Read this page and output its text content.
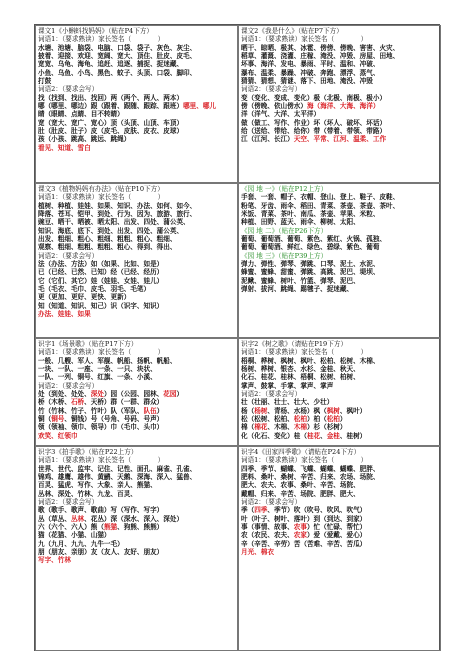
课文1《小蝌蚪找妈妈》（贴在P4下方）
词语1：（要求熟读）家长签名（　　　　）
水塘、池塘、脑袋、电脑、口袋、袋子、灰色、灰尘、
披着、迎接、欢迎、宽阔、宽大、顶住、肚皮、皮毛、
宽宽、乌龟、海龟、追赶、追逐、捕捉、捉迷藏、
小鱼、乌鱼、小鸟、黑色、蚊子、头顶、口袋、脚印、
打鼓
词语2：（要求会写）
找（找到、找出、找回）两（两个、两人、两本）
哪（哪里、哪边）跟（跟着、跟随、跟踪、跟班）哪里、哪儿
睛（眼睛、点睛、目不转睛）
宽（宽大、宽广、宽心）顶（头顶、山顶、车顶）
肚（肚皮、肚子）皮（皮毛、皮肤、皮衣、皮球）
孩（小孩、跳高、跳远、跳绳）
看见、知道、雪白
课文2《我是什么》（贴在P7下方）
词语1：（要求熟读）家长签名（　　　　）
晒干、晾晒、极其、冰雹、傍傍、傍晚、害害、火灾、
稻草、灌溉、浇灌、庄稼、淹没、冲毁、房屋、田地、
坏事、海洋、发电、暴雨、平时、温和、冲破、
瀑布、温柔、暴躁、冲破、奔跑、漂浮、蒸气、
猜猜、猜想、猜谜、落下、田地、淹没、冲毁
词语2：（要求会写）
变（变化、变成、变化）极（北极、南极、极小）
傍（傍晚、依山傍水）海（海洋、大海、海洋）
洋（洋气、大洋、太平洋）
做（做工、写作、作业）坏（坏人、破坏、坏话）
给（送给、带给、给你）带（带着、带领、带路）
江（江河、长江）天空、平常、江河、温柔、工作
课文3《植物妈妈有办法》（贴在P10下方）
词语1：（要求熟读）家长签名（　　　　）
植树、种植、娃娃、如果、知识、办法、如何、如今、
降落、苍耳、铠甲、到处、行为、因为、旅游、旅行、
豌豆、晒干、晒被、晒太阳、出发、四处、蒲公英、
知识、海底、底下、到处、出发、四处、蒲公英、
出发、粗细、粗心、粗细、粗粗、粗心、粗细、
观察、粗细、粗粗、粗粗、粗心、得到、得出、
词语2：（要求会写）
法（办法、方法）如（如果、比如、如是）
已（已经、已然、已知）经（已经、经历）
它（它们、其它）娃（娃娃、女娃、娃儿）
毛（毛衣、毛巾、皮毛、羽毛、毛笔）
更（更加、更好、更快、更新）
知（知道、知识、知己）识（识字、知识）
办法、娃娃、如果
《园 地 一》（贴在P12上方）
手套、一套、帽子、衣帽、登山、登上、鞋子、皮鞋、
粉笔、牙齿、雨伞、稻田、青菜、茶壶、茶壶、茶叶、
米饭、青菜、茶叶、南瓜、茶壶、苹果、米粒、
种植、田野、蓝天、雨伞、柳树、太阳、
《园 地 二》（贴在P26下方）
葡萄、葡萄酒、葡萄、紫色、紫红、火锅、孤独、
葡萄、葡萄酒、鲜红、绿色、碧绿、紫色、葡萄
《园 地 三》（贴在P39上方）
弹力、弹性、弹琴、弹跳、口琴、泥土、水泥、
蜂蜜、蜜蜂、甜蜜、弹跳、高跳、泥巴、堤坝、
泥鳅、蜜蜂、树叶、竹篮、弹琴、泥巴、
弹射、拔河、跳绳、踢毽子、捉迷藏、
识字1《场景歌》（贴在P17下方）
词语1：（要求熟读）家长签名（　　　　）
一般、几艘、军人、军舰、帆船、扬帆、帆船、
一块、一队、一座、一条、一只、块状、
一队、一列、铜号、红旗、一条、小溪、
词语2：（要求会写）
处（到处、处处、深处）园（公园、园林、花园）
桥（木桥、石桥、天桥）群（一群、群众）
竹（竹林、竹子、竹叶）队（军队、队伍）
铜（铜号、铜钱）号（号角、号码、号声）
领（领袖、领巾、领导）巾（毛巾、头巾）
欢笑、红领巾
识字2《树之歌》（请贴在P19下方）
词语1：（要求熟读）家长签名（　　　　）
梧桐、桦树、枫树、枫叶、松柏、松树、木棉、
杨树、桦树、银杏、水杉、金桂、秋天、
化石、桂花、桂林、梧桐、松树、柏树、
掌声、鼓掌、手掌、掌声、掌声
词语2：（要求会写）
壮（壮丽、壮士、壮大、少壮）
杨（杨树、青杨、水杨）枫（枫树、枫叶）
松（松树、松柏、松柏）柏（松柏）
棉（棉花、木棉、木棉）杉（杉树）
化（化石、变化）桂（桂花、金桂、桂树）
识字3《拍手歌》（贴在P22上方）
词语1：（要求熟读）家长签名（　　　　）
世界、世代、监牢、记住、记性、面孔、麻雀、孔雀、
锦鸡、雄鹰、雄伟、黄鹂、天鹅、深海、深入、猛兽、
百灵、猛虎、写作、大象、亲人、熊猫、
丛林、深处、竹林、九龙、百灵、
词语2：（要求会写）
歌（歌手、歌声、歌曲）写（写作、写字）
丛（草丛、丛林、花丛）深（深水、深入、深处）
六（六个、六人）熊（熊猫、狗熊、熊熊）
猫（花猫、小猫、山猫）
九（九月、九九、九牛一毛）
朋（朋友、亲朋）友（友人、友好、朋友）
写字、竹林
识字4《田家四季歌》（请贴在P24下方）
词语1：（要求熟读）家长签名（　　　　）
四季、季节、蝴蝶、飞蝶、蝴蝶、蝴蝶、肥胖、
肥料、桑叶、桑树、辛苦、归来、农场、场院、
肥大、农夫、农事、桑叶、辛苦、场院、
戴帽、归来、辛苦、场院、肥胖、肥大、
词语2：（要求会写）
季（四季、季节）吹（吹号、吹风、吹气）
叶（叶子、树叶、落叶）到（到达、到家）
事（事情、故事、农事）忙（忙碌、帮忙）
农（农民、农夫、农家）爱（爱戴、爱心）
辛（辛苦、辛劳）苦（苦难、辛苦、苦瓜）
月光、棉衣
